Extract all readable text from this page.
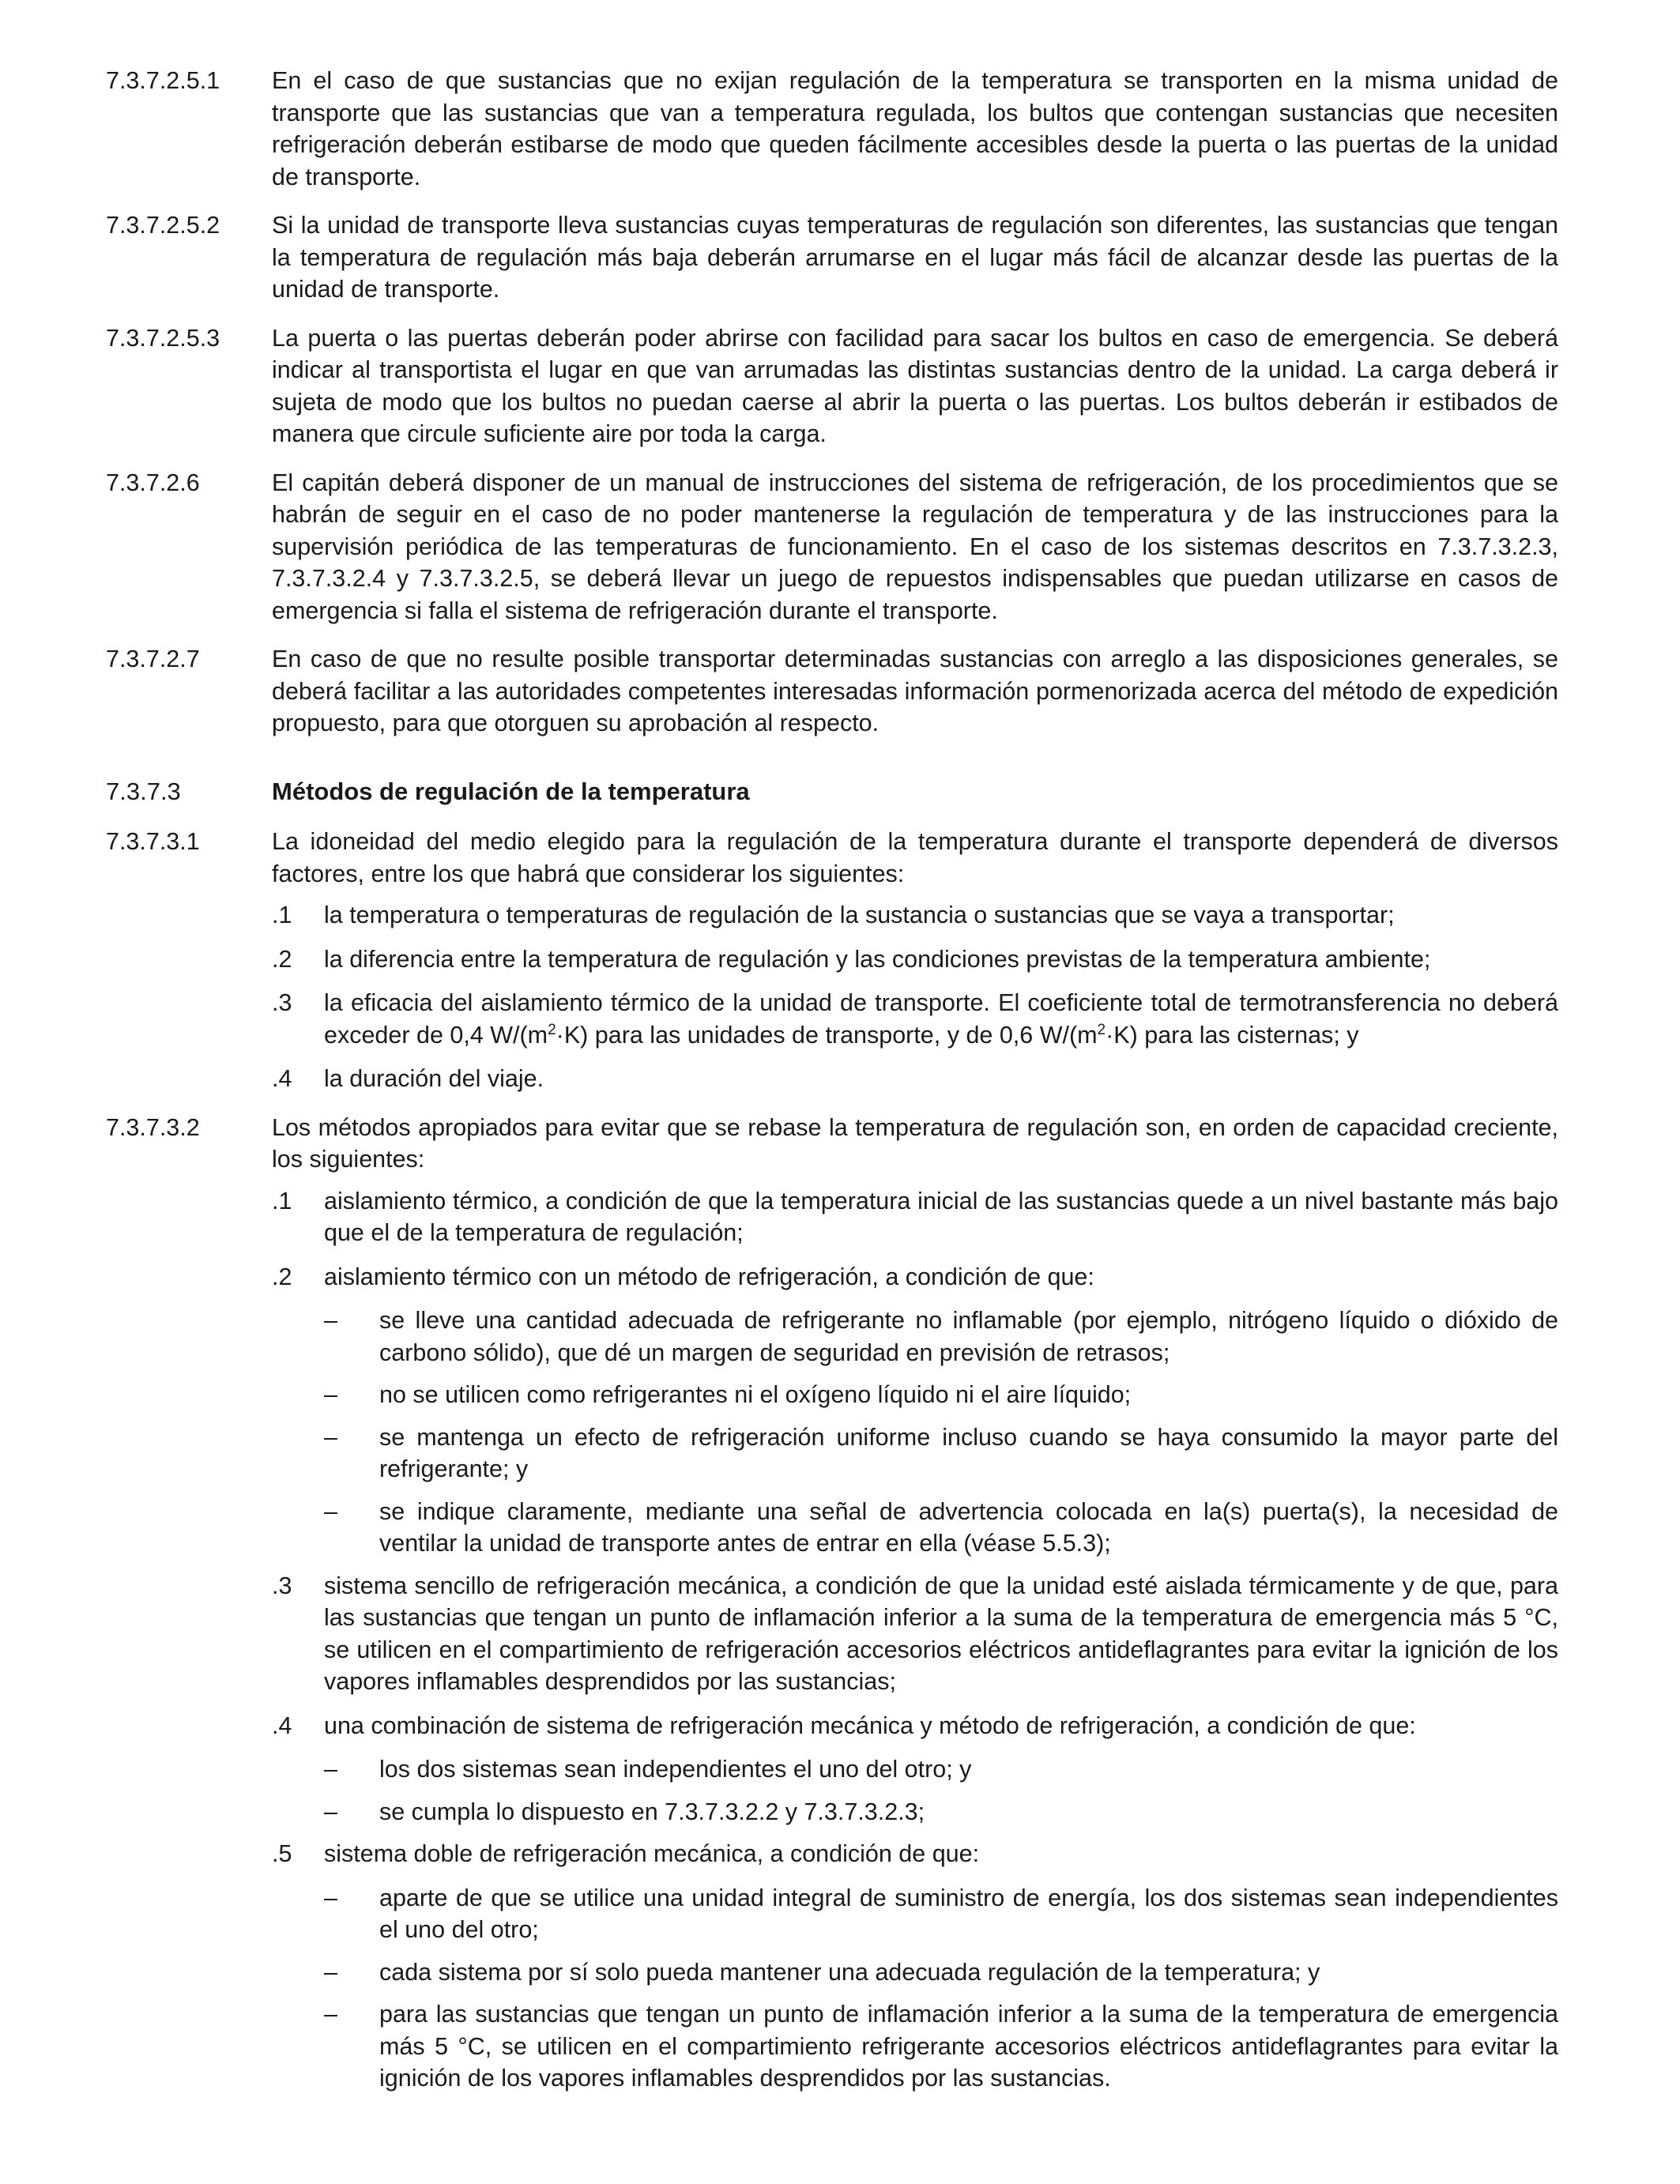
7.3.7.2.5.1 En el caso de que sustancias que no exijan regulación de la temperatura se transporten en la misma unidad de transporte que las sustancias que van a temperatura regulada, los bultos que contengan sustancias que necesiten refrigeración deberán estibarse de modo que queden fácilmente accesibles desde la puerta o las puertas de la unidad de transporte.
7.3.7.2.5.2 Si la unidad de transporte lleva sustancias cuyas temperaturas de regulación son diferentes, las sustancias que tengan la temperatura de regulación más baja deberán arrumarse en el lugar más fácil de alcanzar desde las puertas de la unidad de transporte.
7.3.7.2.5.3 La puerta o las puertas deberán poder abrirse con facilidad para sacar los bultos en caso de emergencia. Se deberá indicar al transportista el lugar en que van arrumadas las distintas sustancias dentro de la unidad. La carga deberá ir sujeta de modo que los bultos no puedan caerse al abrir la puerta o las puertas. Los bultos deberán ir estibados de manera que circule suficiente aire por toda la carga.
7.3.7.2.6	El capitán deberá disponer de un manual de instrucciones del sistema de refrigeración, de los procedimientos que se habrán de seguir en el caso de no poder mantenerse la regulación de temperatura y de las instrucciones para la supervisión periódica de las temperaturas de funcionamiento. En el caso de los sistemas descritos en 7.3.7.3.2.3, 7.3.7.3.2.4 y 7.3.7.3.2.5, se deberá llevar un juego de repuestos indispensables que puedan utilizarse en casos de emergencia si falla el sistema de refrigeración durante el transporte.
7.3.7.2.7	En caso de que no resulte posible transportar determinadas sustancias con arreglo a las disposiciones generales, se deberá facilitar a las autoridades competentes interesadas información pormenorizada acerca del método de expedición propuesto, para que otorguen su aprobación al respecto.
7.3.7.3	Métodos de regulación de la temperatura
7.3.7.3.1	La idoneidad del medio elegido para la regulación de la temperatura durante el transporte dependerá de diversos factores, entre los que habrá que considerar los siguientes:
.1 la temperatura o temperaturas de regulación de la sustancia o sustancias que se vaya a transportar;
.2 la diferencia entre la temperatura de regulación y las condiciones previstas de la temperatura ambiente;
.3 la eficacia del aislamiento térmico de la unidad de transporte. El coeficiente total de termotransferencia no deberá exceder de 0,4 $W/(m^2\cdot K)$ para las unidades de transporte, y de 0,6 $W/(m^2\cdot K)$ para las cisternas; y
.4 la duración del viaje.
7.3.7.3.2	Los métodos apropiados para evitar que se rebase la temperatura de regulación son, en orden de capacidad creciente, los siguientes:
.1 aislamiento térmico, a condición de que la temperatura inicial de las sustancias quede a un nivel bastante más bajo que el de la temperatura de regulación;
.2 aislamiento térmico con un método de refrigeración, a condición de que:
– se lleve una cantidad adecuada de refrigerante no inflamable (por ejemplo, nitrógeno líquido o dióxido de carbono sólido), que dé un margen de seguridad en previsión de retrasos;
– no se utilicen como refrigerantes ni el oxígeno líquido ni el aire líquido;
– se mantenga un efecto de refrigeración uniforme incluso cuando se haya consumido la mayor parte del refrigerante; y
– se indique claramente, mediante una señal de advertencia colocada en la(s) puerta(s), la necesidad de ventilar la unidad de transporte antes de entrar en ella (véase 5.5.3);
.3 sistema sencillo de refrigeración mecánica, a condición de que la unidad esté aislada térmicamente y de que, para las sustancias que tengan un punto de inflamación inferior a la suma de la temperatura de emergencia más 5 °C, se utilicen en el compartimiento de refrigeración accesorios eléctricos antideflagrantes para evitar la ignición de los vapores inflamables desprendidos por las sustancias;
.4 una combinación de sistema de refrigeración mecánica y método de refrigeración, a condición de que:
– los dos sistemas sean independientes el uno del otro; y
– se cumpla lo dispuesto en 7.3.7.3.2.2 y 7.3.7.3.2.3;
.5 sistema doble de refrigeración mecánica, a condición de que:
– aparte de que se utilice una unidad integral de suministro de energía, los dos sistemas sean independientes el uno del otro;
– cada sistema por sí solo pueda mantener una adecuada regulación de la temperatura; y
– para las sustancias que tengan un punto de inflamación inferior a la suma de la temperatura de emergencia más 5 °C, se utilicen en el compartimiento refrigerante accesorios eléctricos antideflagrantes para evitar la ignición de los vapores inflamables desprendidos por las sustancias.
